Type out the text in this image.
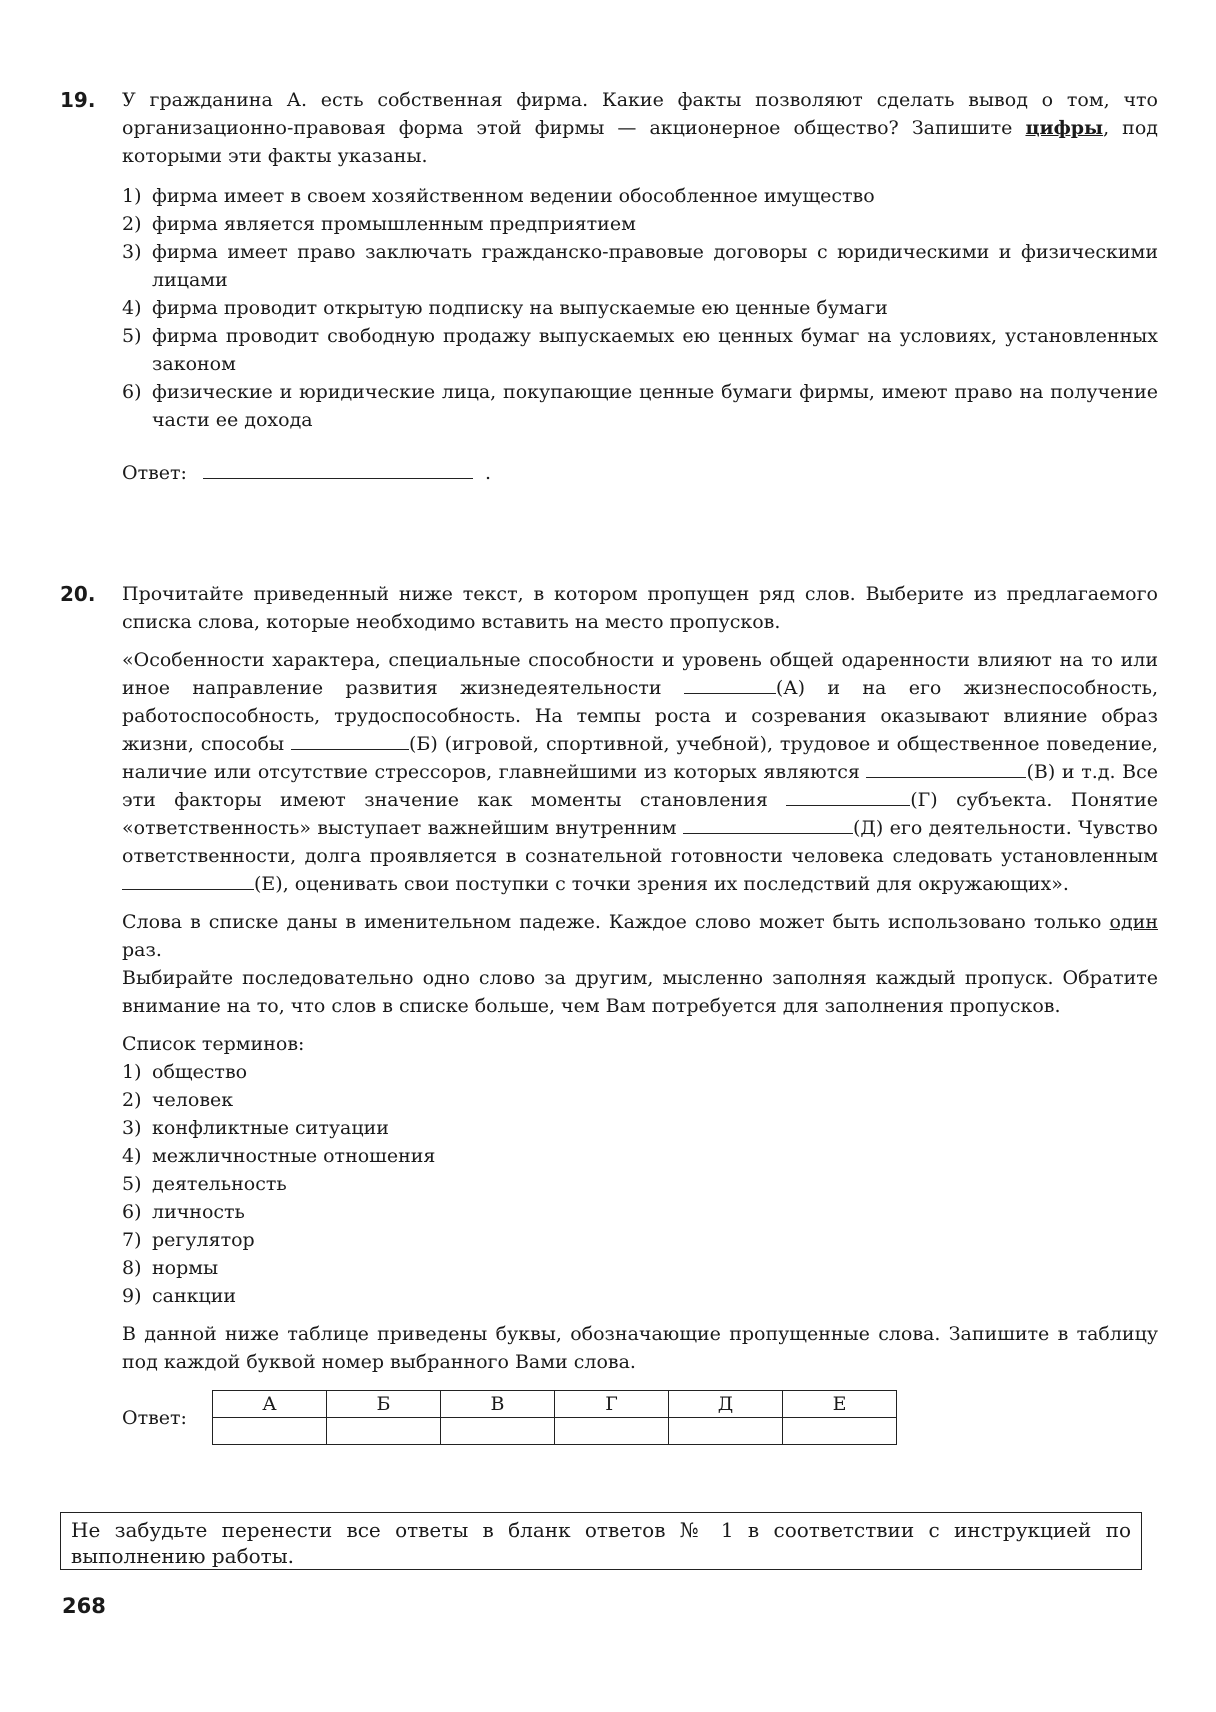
19. У гражданина А. есть собственная фирма. Какие факты позволяют сделать вывод о том, что организационно-правовая форма этой фирмы — акционерное общество? Запишите цифры, под которыми эти факты указаны.

1) фирма имеет в своем хозяйственном ведении обособленное имущество
2) фирма является промышленным предприятием
3) фирма имеет право заключать гражданско-правовые договоры с юридическими и физическими лицами
4) фирма проводит открытую подписку на выпускаемые ею ценные бумаги
5) фирма проводит свободную продажу выпускаемых ею ценных бумаг на условиях, установленных законом
6) физические и юридические лица, покупающие ценные бумаги фирмы, имеют право на получение части ее дохода
Ответ:	.
20. Прочитайте приведенный ниже текст, в котором пропущен ряд слов. Выберите из предлагаемого списка слова, которые необходимо вставить на место пропусков.

«Особенности характера, специальные способности и уровень общей одаренности влияют на то или иное направление развития жизнедеятельности	(А) и на его жизнеспособность, работоспособность, трудоспособность. На темпы роста и созревания оказывают влияние образ жизни, способы	(Б) (игровой, спортивной, учебной), трудовое и общественное поведение, наличие или отсутствие стрессоров, главнейшими из которых являются	(В) и т.д. Все эти факторы имеют значение как моменты становления	(Г) субъекта. Понятие «ответственность» выступает важнейшим внутренним	(Д) его деятельности. Чувство ответственности, долга проявляется в сознательной готовности человека следовать установленным (Е), оценивать свои поступки с точки зрения их последствий для окружающих».

Слова в списке даны в именительном падеже. Каждое слово может быть использовано только один раз.

Выбирайте последовательно одно слово за другим, мысленно заполняя каждый пропуск. Обратите внимание на то, что слов в списке больше, чем Вам потребуется для заполнения пропусков.

Список терминов:

1) общество
2) человек
3) конфликтные ситуации
4) межличностные отношения
5) деятельность
6) личность
7) регулятор
8) нормы
9) санкции

В данной ниже таблице приведены буквы, обозначающие пропущенные слова. Запишите в таблицу под каждой буквой номер выбранного Вами слова.

Ответ:
А	Б	В	Г	Д	Е

Не забудьте перенести все ответы в бланк ответов № 1 в соответствии с инструкцией по выполнению работы.
268
